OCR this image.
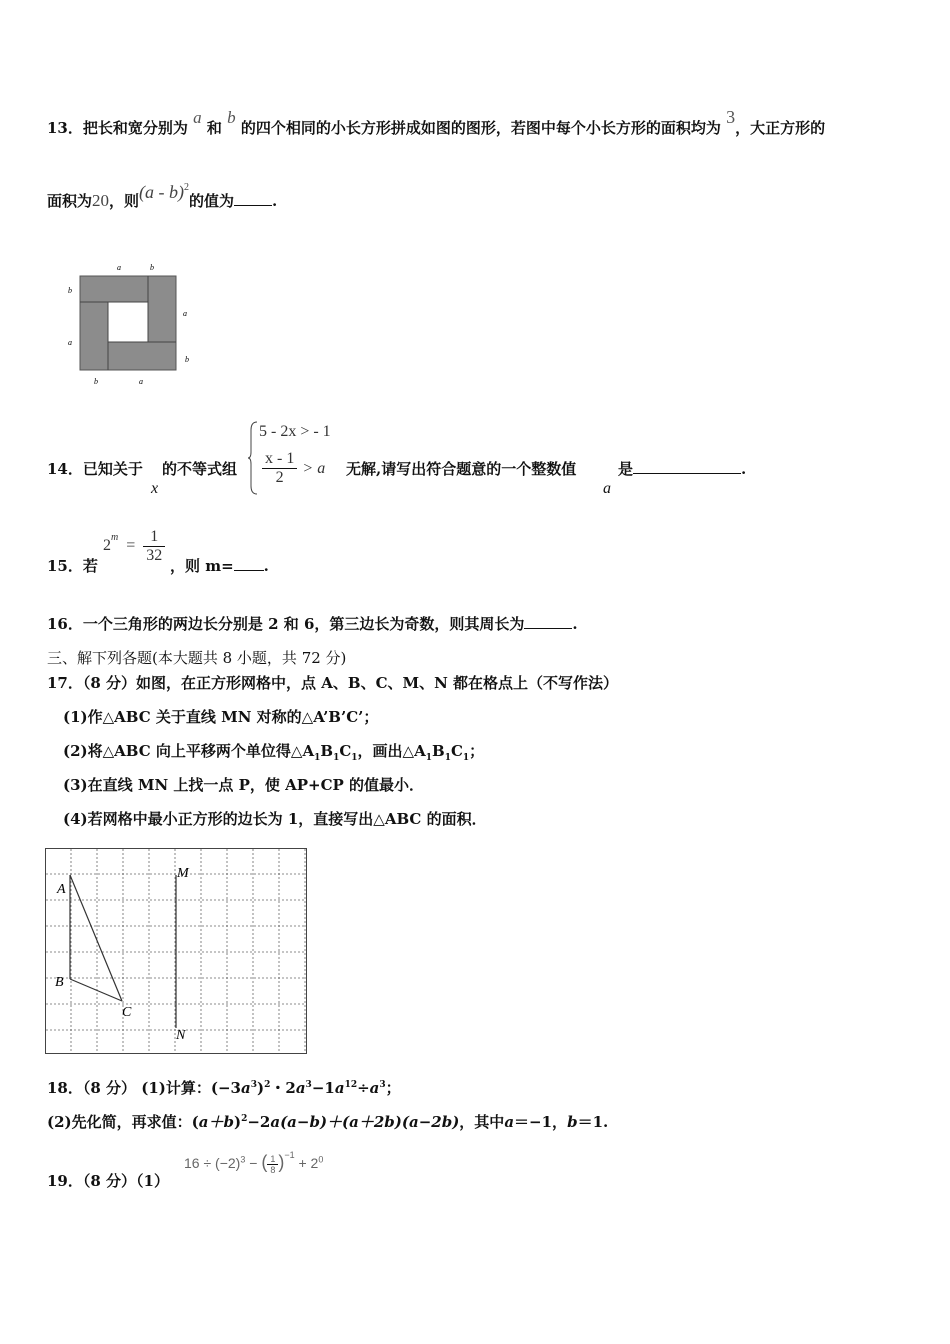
13．把长和宽分别为 a 和 b 的四个相同的小长方形拼成如图的图形，若图中每个小长方形的面积均为 3，大正方形的
面积为20，则(a - b)$^2$的值为	.
a	b
b
a
a
b
b	a
14．已知关于
x
的不等式组
5 - 2x > - 1
$\frac{x - 1}{2} > a$ 无解,请写出符合题意的一个整数值
a
是	.
15．若
$2^m = \frac{1}{32}$
，则 m= .
16．一个三角形的两边长分别是 2 和 6，第三边长为奇数，则其周长为	.
三、解下列各题(本大题共 8 小题，共 72 分)
17．（8 分）如图，在正方形网格中，点 A、B、C、M、N 都在格点上（不写作法）
(1)作△ABC 关于直线 MN 对称的△A’B’C’；
(2)将△ABC 向上平移两个单位得$\triangle A_1B_1C_1$，画出$\triangle A_1B_1C_1$；
(3)在直线 MN 上找一点 P，使 AP+CP 的值最小．
(4)若网格中最小正方形的边长为 1，直接写出△ABC 的面积．
A
B
C
M
N
18．（8 分） (1)计算：$(-3a^3)^2$・$2a^3-1a^{12}\div a^3$；
(2)先化简，再求值：$(a+b)^2-2a(a-b)+(a+2b)(a-2b)$，其中a＝−1，b＝1.
19．（8 分）（1）
$16 \div (-2)^3$ − ( $\frac{1}{8} )^{-1} + 2^0$
